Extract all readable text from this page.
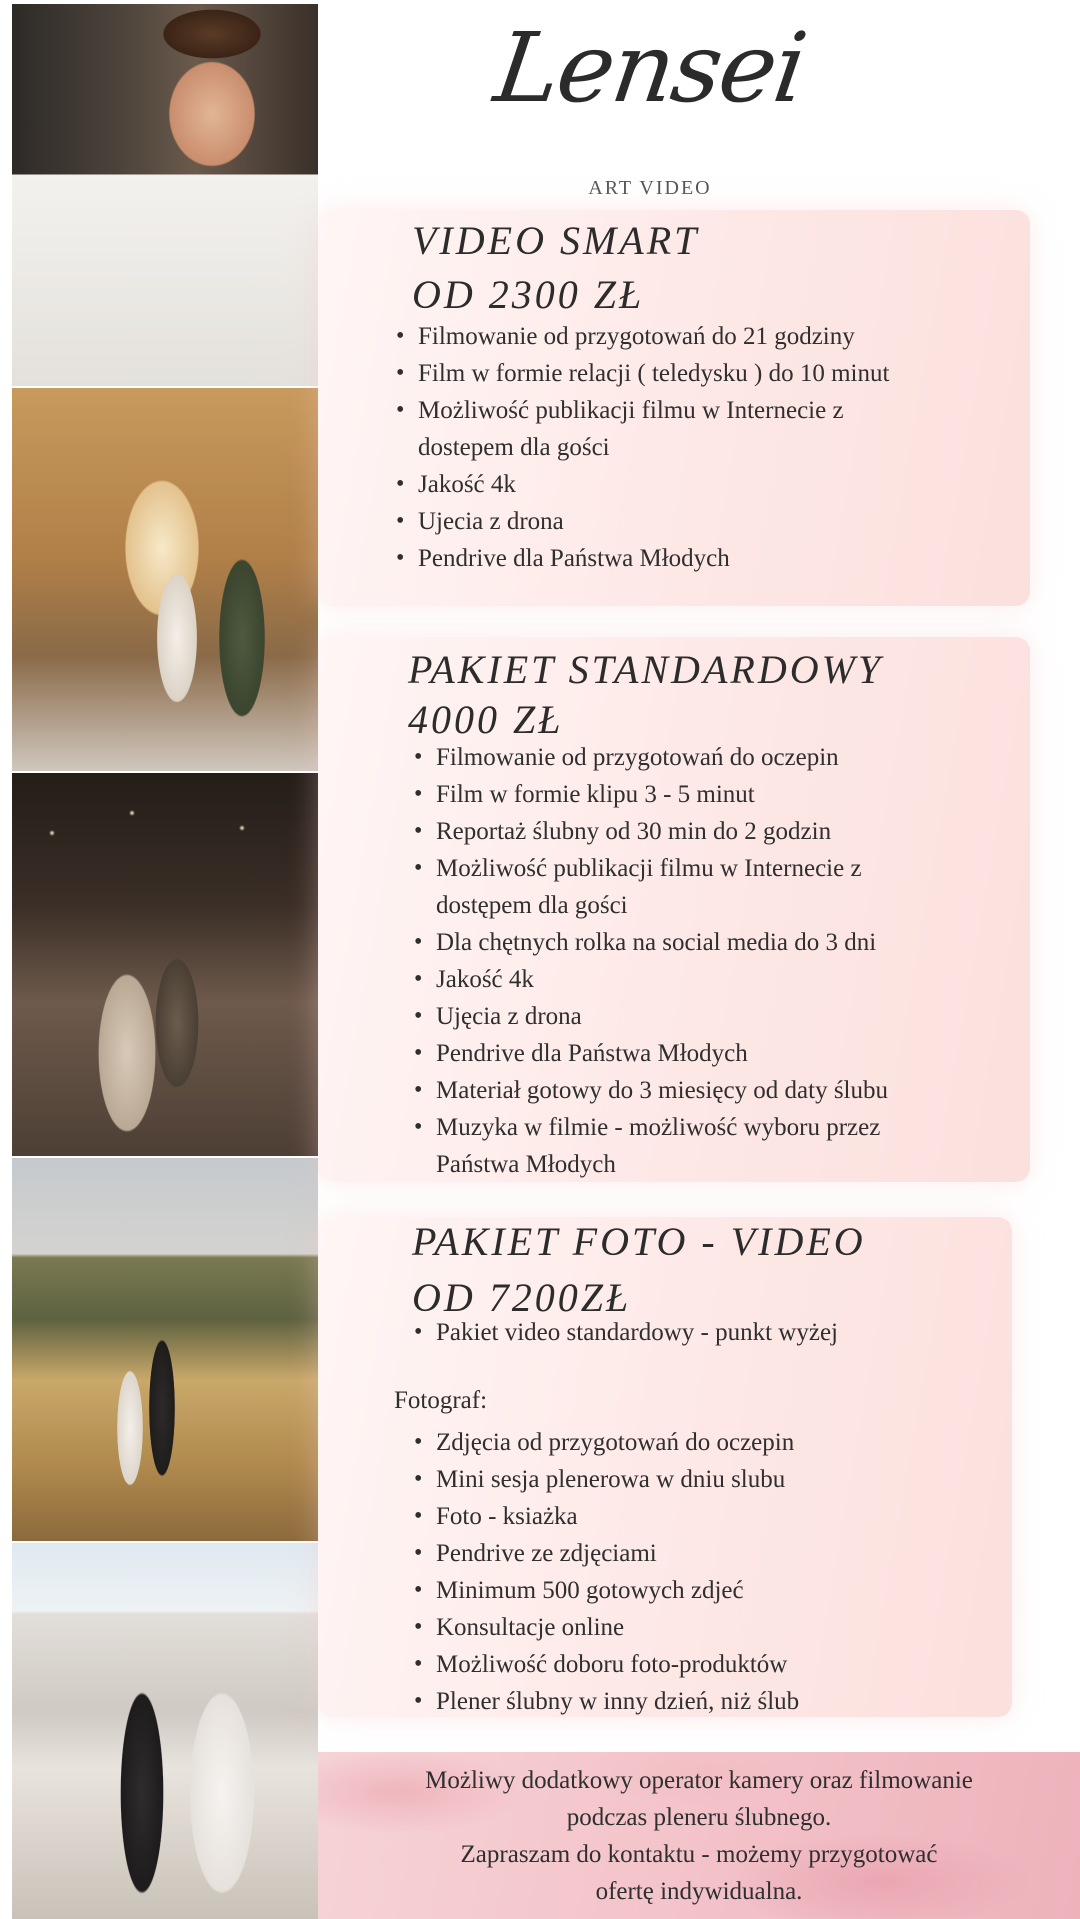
Lensei
ART VIDEO
VIDEO SMART
OD 2300 ZŁ
• Filmowanie od przygotowań do 21 godziny
• Film w formie relacji ( teledysku ) do 10 minut
• Możliwość publikacji filmu w Internecie z
dostepem dla gości
• Jakość 4k
• Ujecia z drona
• Pendrive dla Państwa Młodych
PAKIET STANDARDOWY
4000 ZŁ
• Filmowanie od przygotowań do oczepin
• Film w formie klipu 3 - 5 minut
• Reportaż ślubny od 30 min do 2 godzin
• Możliwość publikacji filmu w Internecie z
dostępem dla gości
• Dla chętnych rolka na social media do 3 dni
• Jakość 4k
• Ujęcia z drona
• Pendrive dla Państwa Młodych
• Materiał gotowy do 3 miesięcy od daty ślubu
• Muzyka w filmie - możliwość wyboru przez
Państwa Młodych
PAKIET FOTO - VIDEO
OD 7200ZŁ
• Pakiet video standardowy - punkt wyżej
Fotograf:
• Zdjęcia od przygotowań do oczepin
• Mini sesja plenerowa w dniu slubu
• Foto - ksiażka
• Pendrive ze zdjęciami
• Minimum 500 gotowych zdjeć
• Konsultacje online
• Możliwość doboru foto-produktów
• Plener ślubny w inny dzień, niż ślub
Możliwy dodatkowy operator kamery oraz filmowanie
podczas pleneru ślubnego.
Zapraszam do kontaktu - możemy przygotować
ofertę indywidualna.
